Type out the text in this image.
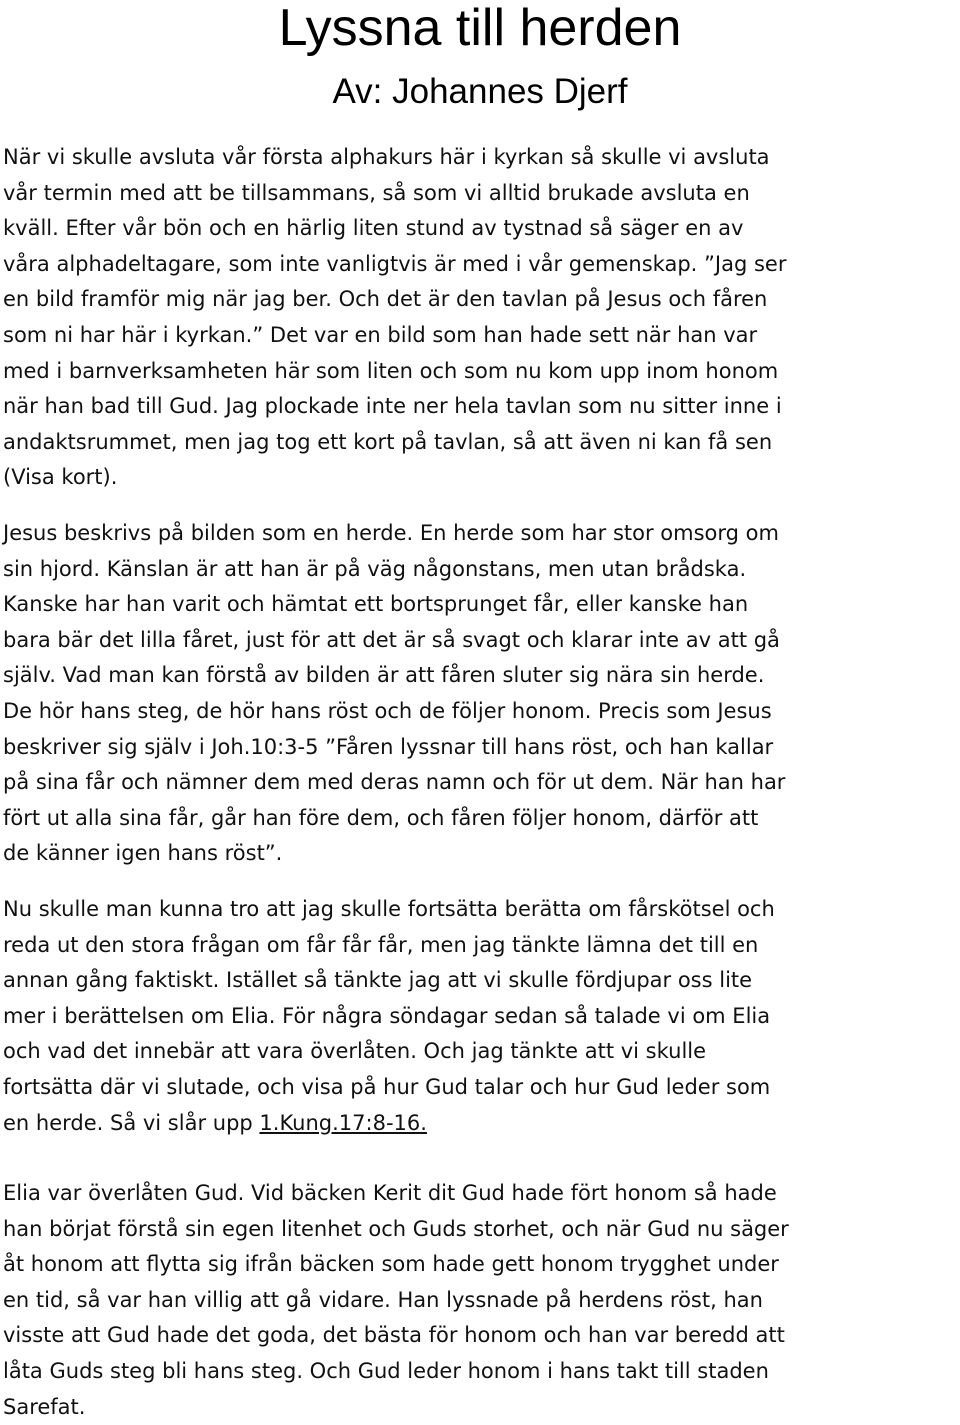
Lyssna till herden
Av: Johannes Djerf

När vi skulle avsluta vår första alphakurs här i kyrkan så skulle vi avsluta
vår termin med att be tillsammans, så som vi alltid brukade avsluta en
kväll. Efter vår bön och en härlig liten stund av tystnad så säger en av
våra alphadeltagare, som inte vanligtvis är med i vår gemenskap. ”Jag ser
en bild framför mig när jag ber. Och det är den tavlan på Jesus och fåren
som ni har här i kyrkan.” Det var en bild som han hade sett när han var
med i barnverksamheten här som liten och som nu kom upp inom honom
när han bad till Gud. Jag plockade inte ner hela tavlan som nu sitter inne i
andaktsrummet, men jag tog ett kort på tavlan, så att även ni kan få sen
(Visa kort).

Jesus beskrivs på bilden som en herde. En herde som har stor omsorg om
sin hjord. Känslan är att han är på väg någonstans, men utan brådska.
Kanske har han varit och hämtat ett bortsprunget får, eller kanske han
bara bär det lilla fåret, just för att det är så svagt och klarar inte av att gå
själv. Vad man kan förstå av bilden är att fåren sluter sig nära sin herde.
De hör hans steg, de hör hans röst och de följer honom. Precis som Jesus
beskriver sig själv i Joh.10:3-5 ”Fåren lyssnar till hans röst, och han kallar
på sina får och nämner dem med deras namn och för ut dem. När han har
fört ut alla sina får, går han före dem, och fåren följer honom, därför att
de känner igen hans röst”.

Nu skulle man kunna tro att jag skulle fortsätta berätta om fårskötsel och
reda ut den stora frågan om får får får, men jag tänkte lämna det till en
annan gång faktiskt. Istället så tänkte jag att vi skulle fördjupar oss lite
mer i berättelsen om Elia. För några söndagar sedan så talade vi om Elia
och vad det innebär att vara överlåten. Och jag tänkte att vi skulle
fortsätta där vi slutade, och visa på hur Gud talar och hur Gud leder som
en herde. Så vi slår upp 1.Kung.17:8-16.

Elia var överlåten Gud. Vid bäcken Kerit dit Gud hade fört honom så hade
han börjat förstå sin egen litenhet och Guds storhet, och när Gud nu säger
åt honom att flytta sig ifrån bäcken som hade gett honom trygghet under
en tid, så var han villig att gå vidare. Han lyssnade på herdens röst, han
visste att Gud hade det goda, det bästa för honom och han var beredd att
låta Guds steg bli hans steg. Och Gud leder honom i hans takt till staden
Sarefat.
